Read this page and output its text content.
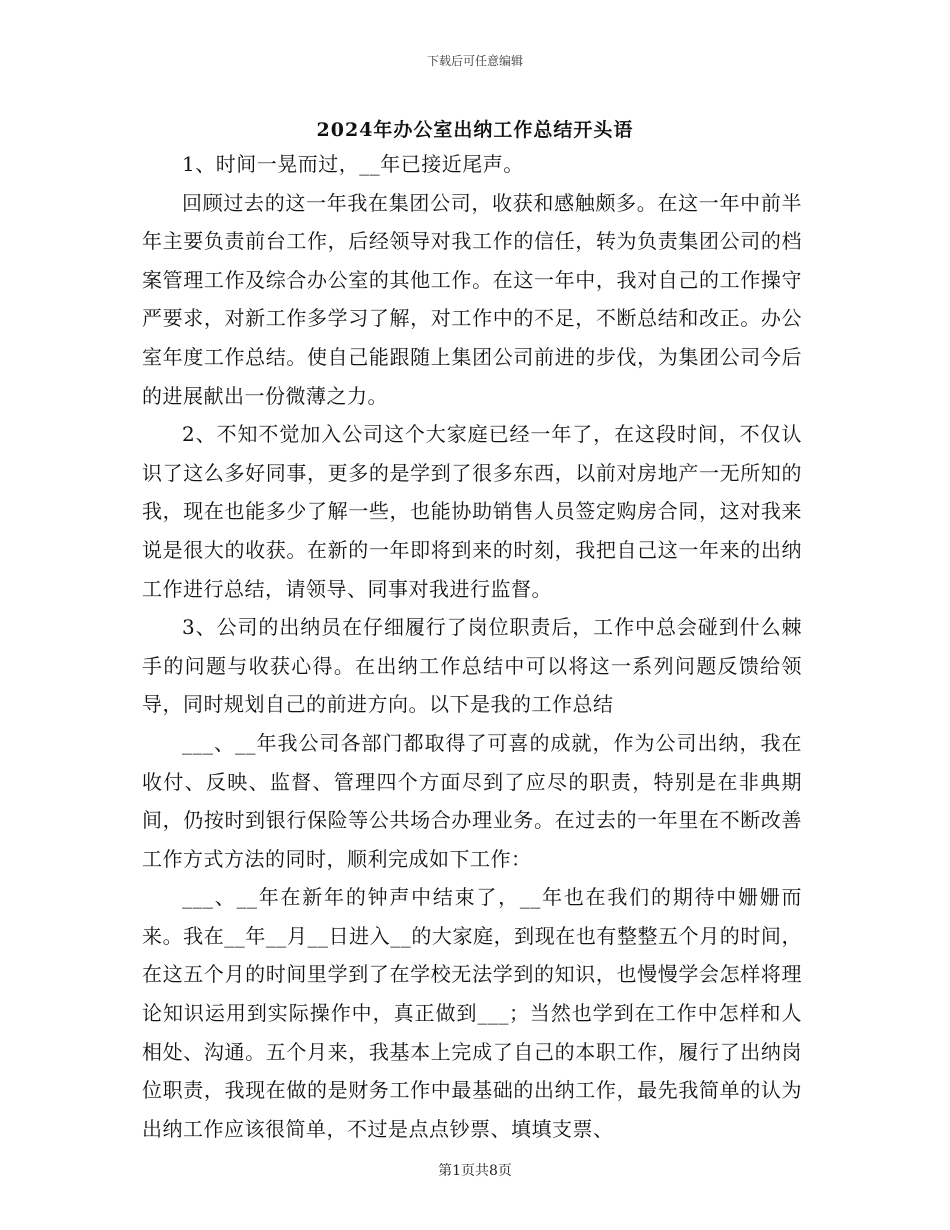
下载后可任意编辑
2024年办公室出纳工作总结开头语

1、时间一晃而过，__年已接近尾声。

回顾过去的这一年我在集团公司，收获和感触颇多。在这一年中前半年主要负责前台工作，后经领导对我工作的信任，转为负责集团公司的档案管理工作及综合办公室的其他工作。在这一年中，我对自己的工作操守严要求，对新工作多学习了解，对工作中的不足，不断总结和改正。办公室年度工作总结。使自己能跟随上集团公司前进的步伐，为集团公司今后的进展献出一份微薄之力。

2、不知不觉加入公司这个大家庭已经一年了，在这段时间，不仅认识了这么多好同事，更多的是学到了很多东西，以前对房地产一无所知的我，现在也能多少了解一些，也能协助销售人员签定购房合同，这对我来说是很大的收获。在新的一年即将到来的时刻，我把自己这一年来的出纳工作进行总结，请领导、同事对我进行监督。

3、公司的出纳员在仔细履行了岗位职责后，工作中总会碰到什么棘手的问题与收获心得。在出纳工作总结中可以将这一系列问题反馈给领导，同时规划自己的前进方向。以下是我的工作总结

___、__年我公司各部门都取得了可喜的成就，作为公司出纳，我在收付、反映、监督、管理四个方面尽到了应尽的职责，特别是在非典期间，仍按时到银行保险等公共场合办理业务。在过去的一年里在不断改善工作方式方法的同时，顺利完成如下工作：

___、__年在新年的钟声中结束了，__年也在我们的期待中姗姗而来。我在__年__月__日进入__的大家庭，到现在也有整整五个月的时间，在这五个月的时间里学到了在学校无法学到的知识，也慢慢学会怎样将理论知识运用到实际操作中，真正做到___；当然也学到在工作中怎样和人相处、沟通。五个月来，我基本上完成了自己的本职工作，履行了出纳岗位职责，我现在做的是财务工作中最基础的出纳工作，最先我简单的认为出纳工作应该很简单，不过是点点钞票、填填支票、

第1页共8页
